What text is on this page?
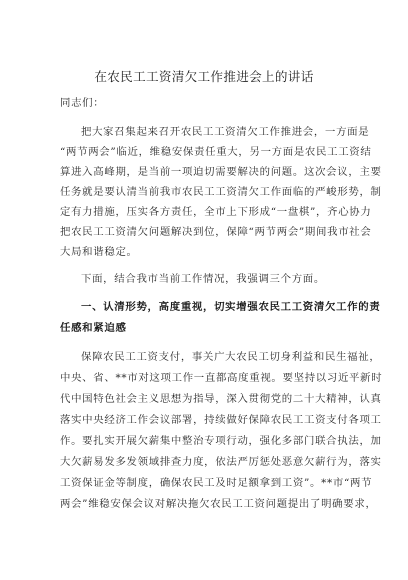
在农民工工资清欠工作推进会上的讲话
同志们：
把大家召集起来召开农民工工资清欠工作推进会，一方面是
“两节两会”临近，维稳安保责任重大，另一方面是农民工工资结
算进入高峰期，是当前一项迫切需要解决的问题。这次会议，主要
任务就是要认清当前我市农民工工资清欠工作面临的严峻形势，制
定有力措施，压实各方责任，全市上下形成“一盘棋”，齐心协力
把农民工工资清欠问题解决到位，保障“两节两会”期间我市社会
大局和谐稳定。
下面，结合我市当前工作情况，我强调三个方面。
一、认清形势，高度重视，切实增强农民工工资清欠工作的责
任感和紧迫感
保障农民工工资支付，事关广大农民工切身利益和民生福祉，
中央、省、**市对这项工作一直都高度重视。要坚持以习近平新时
代中国特色社会主义思想为指导，深入贯彻党的二十大精神，认真
落实中央经济工作会议部署，持续做好保障农民工工资支付各项工
作。要扎实开展欠薪集中整治专项行动，强化多部门联合执法，加
大欠薪易发多发领域排查力度，依法严厉惩处恶意欠薪行为，落实
工资保证金等制度，确保农民工及时足额拿到工资”。**市“两节
两会”维稳安保会议对解决拖欠农民工工资问题提出了明确要求，
